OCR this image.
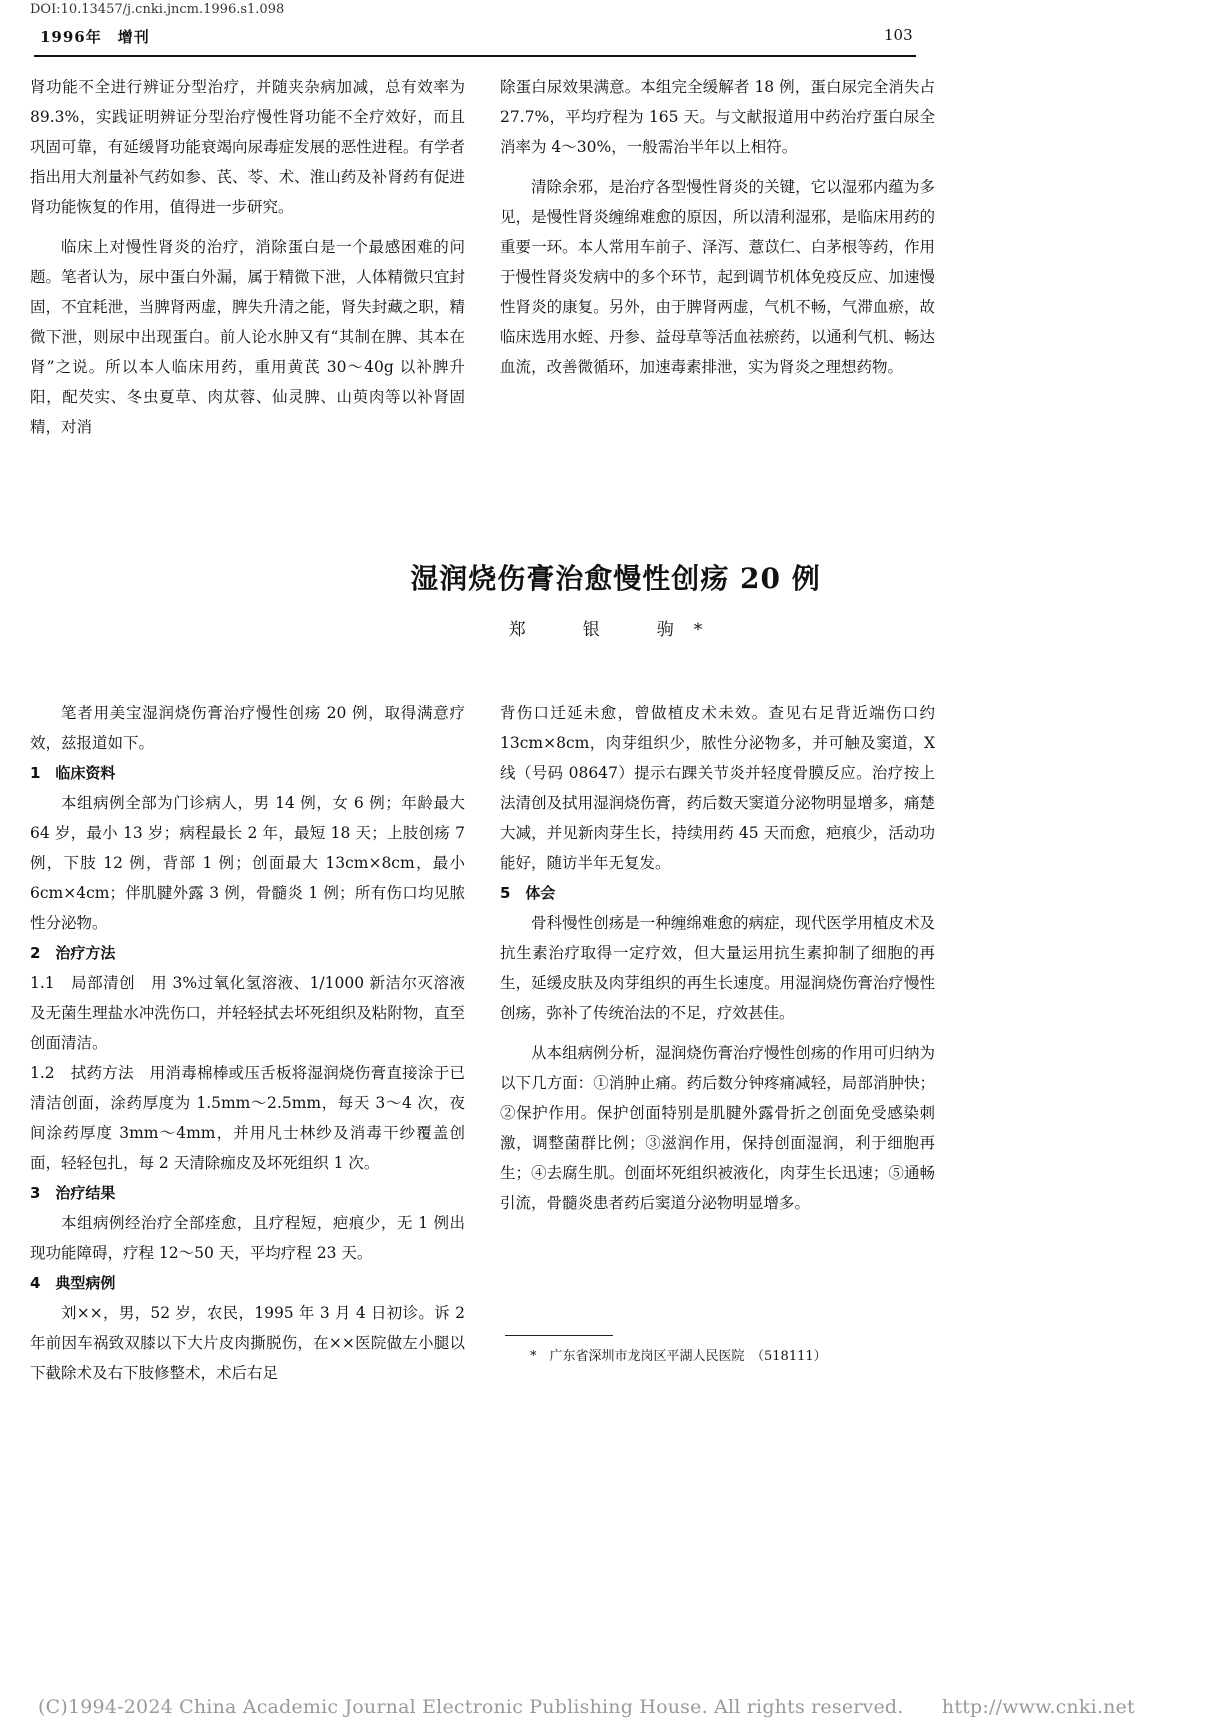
DOI:10.13457/j.cnki.jncm.1996.s1.098
1996年　增刊	103

肾功能不全进行辨证分型治疗，并随夹杂病加减，总有效率为 89.3%，实践证明辨证分型治疗慢性肾功能不全疗效好，而且巩固可靠，有延缓肾功能衰竭向尿毒症发展的恶性进程。有学者指出用大剂量补气药如参、芪、苓、术、淮山药及补肾药有促进肾功能恢复的作用，值得进一步研究。

临床上对慢性肾炎的治疗，消除蛋白是一个最感困难的问题。笔者认为，尿中蛋白外漏，属于精微下泄，人体精微只宜封固，不宜耗泄，当脾肾两虚，脾失升清之能，肾失封藏之职，精微下泄，则尿中出现蛋白。前人论水肿又有“其制在脾、其本在肾”之说。所以本人临床用药，重用黄芪 30～40g 以补脾升阳，配芡实、冬虫夏草、肉苁蓉、仙灵脾、山萸肉等以补肾固精，对消

除蛋白尿效果满意。本组完全缓解者 18 例，蛋白尿完全消失占 27.7%，平均疗程为 165 天。与文献报道用中药治疗蛋白尿全消率为 4～30%，一般需治半年以上相符。

清除余邪，是治疗各型慢性肾炎的关键，它以湿邪内蕴为多见，是慢性肾炎缠绵难愈的原因，所以清利湿邪，是临床用药的重要一环。本人常用车前子、泽泻、薏苡仁、白茅根等药，作用于慢性肾炎发病中的多个环节，起到调节机体免疫反应、加速慢性肾炎的康复。另外，由于脾肾两虚，气机不畅，气滞血瘀，故临床选用水蛭、丹参、益母草等活血祛瘀药，以通利气机、畅达血流，改善微循环，加速毒素排泄，实为肾炎之理想药物。

湿润烧伤膏治愈慢性创疡 20 例
郑　银　驹*

笔者用美宝湿润烧伤膏治疗慢性创疡 20 例，取得满意疗效，兹报道如下。

1　临床资料

本组病例全部为门诊病人，男 14 例，女 6 例；年龄最大 64 岁，最小 13 岁；病程最长 2 年，最短 18 天；上肢创疡 7 例，下肢 12 例，背部 1 例；创面最大 13cm×8cm，最小 6cm×4cm；伴肌腱外露 3 例，骨髓炎 1 例；所有伤口均见脓性分泌物。

2　治疗方法

1.1　局部清创　用 3%过氧化氢溶液、1/1000 新洁尔灭溶液及无菌生理盐水冲洗伤口，并轻轻拭去坏死组织及粘附物，直至创面清洁。

1.2　拭药方法　用消毒棉棒或压舌板将湿润烧伤膏直接涂于已清洁创面，涂药厚度为 1.5mm～2.5mm，每天 3～4 次，夜间涂药厚度 3mm～4mm，并用凡士林纱及消毒干纱覆盖创面，轻轻包扎，每 2 天清除痂皮及坏死组织 1 次。

3　治疗结果

本组病例经治疗全部痊愈，且疗程短，疤痕少，无 1 例出现功能障碍，疗程 12～50 天，平均疗程 23 天。

4　典型病例

刘××，男，52 岁，农民，1995 年 3 月 4 日初诊。诉 2 年前因车祸致双膝以下大片皮肉撕脱伤，在××医院做左小腿以下截除术及右下肢修整术，术后右足

背伤口迁延未愈，曾做植皮术未效。查见右足背近端伤口约 13cm×8cm，肉芽组织少，脓性分泌物多，并可触及窦道，X 线（号码 08647）提示右踝关节炎并轻度骨膜反应。治疗按上法清创及拭用湿润烧伤膏，药后数天窦道分泌物明显增多，痛楚大减，并见新肉芽生长，持续用药 45 天而愈，疤痕少，活动功能好，随访半年无复发。

5　体会

骨科慢性创疡是一种缠绵难愈的病症，现代医学用植皮术及抗生素治疗取得一定疗效，但大量运用抗生素抑制了细胞的再生，延缓皮肤及肉芽组织的再生长速度。用湿润烧伤膏治疗慢性创疡，弥补了传统治法的不足，疗效甚佳。

从本组病例分析，湿润烧伤膏治疗慢性创疡的作用可归纳为以下几方面：①消肿止痛。药后数分钟疼痛减轻，局部消肿快；②保护作用。保护创面特别是肌腱外露骨折之创面免受感染刺激，调整菌群比例；③滋润作用，保持创面湿润，利于细胞再生；④去腐生肌。创面坏死组织被液化，肉芽生长迅速；⑤通畅引流，骨髓炎患者药后窦道分泌物明显增多。

*　广东省深圳市龙岗区平湖人民医院　（518111）
(C)1994-2024 China Academic Journal Electronic Publishing House. All rights reserved.　　http://www.cnki.net
